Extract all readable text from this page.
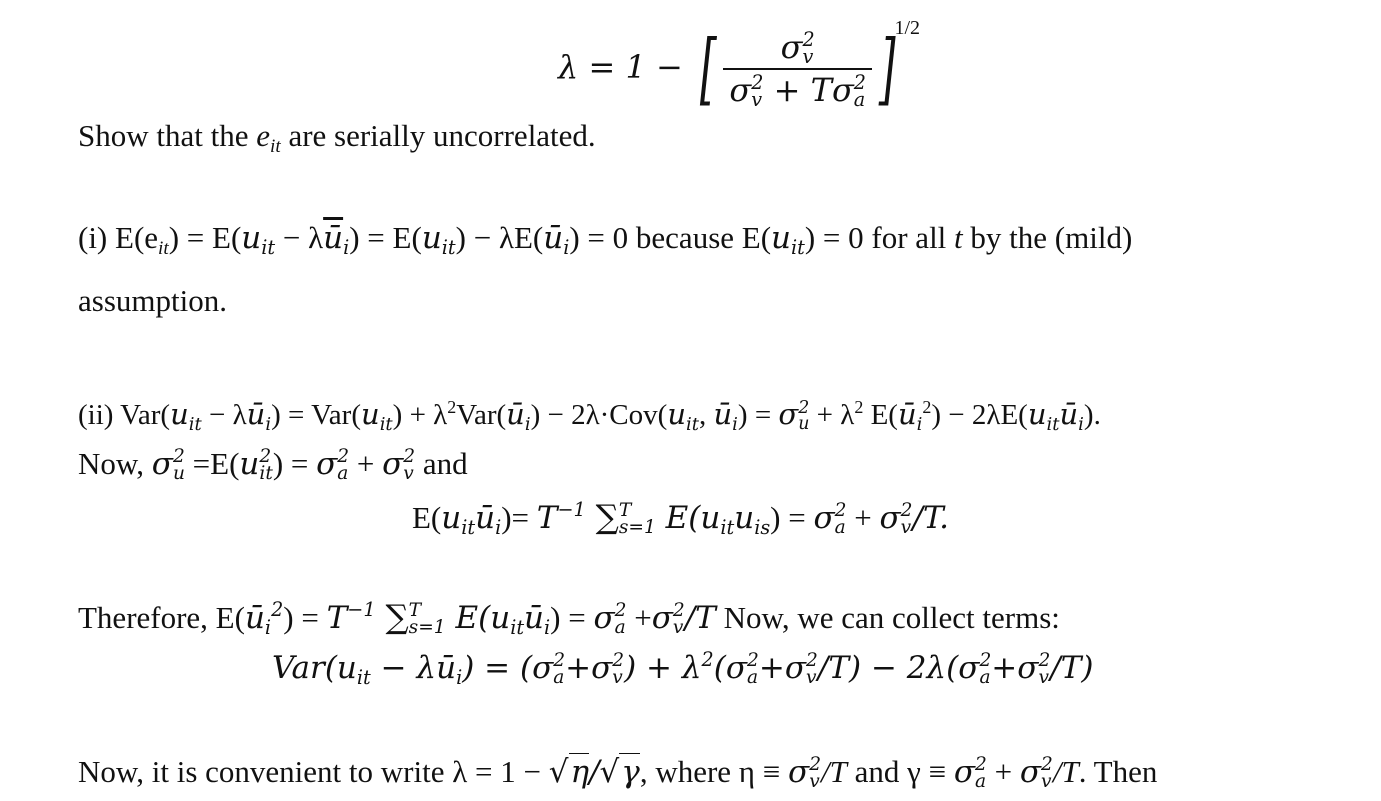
λ = 1 − [ σ 2
v
σ 2
v + Tσ 2
a ]$^{1/2}$
Show that the $e_{it}$ are serially uncorrelated.
(i) $E(e_{it}) = E(u_{it} - \lambda\overline{ū}_i) = E(u_{it})$ − $\lambda E(ū_i) = 0$ because $E(u_{it}) = 0$ for all t by the (mild)
assumption.
(ii) $Var(u_{it}$ − $\lambda ū_i) = Var(u_{it})$ + $\lambda^2Var(ū_i) - 2\lambda\cdot Cov(u_{it}$, $ū_i) = \sigma$ 2
$u + \lambda^2$ $E(ū_i^2)$ − $2\lambda E(u_{it}ū_i)$.
Now, σ 2
u =E(u 2
it ) = σ 2
a + σ 2
v and
$E(u_{it}ū_i)= T^{-1}$ ∑ T
s=1 $E(u_{it}u_{is}) = \sigma$ 2
a + σ 2
v /T.
Therefore, $E(ū_i^2) = T^{-1}$ ∑ T
s=1 $E(u_{it}ū_i) = \sigma$ 2
a +σ 2
v /T Now, we can collect terms:
$Var(u_{it}$ − $\lambda ū_i) = (\sigma$ 2
a +σ 2
v ) + $\lambda^2(\sigma$ 2
a +σ 2
v /T) − 2λ(σ 2
a +σ 2
v /T)
Now, it is convenient to write λ = 1 − √η/√γ, where η ≡ σ 2
v /T and γ ≡ σ 2
a + σ 2
v /T. Then
